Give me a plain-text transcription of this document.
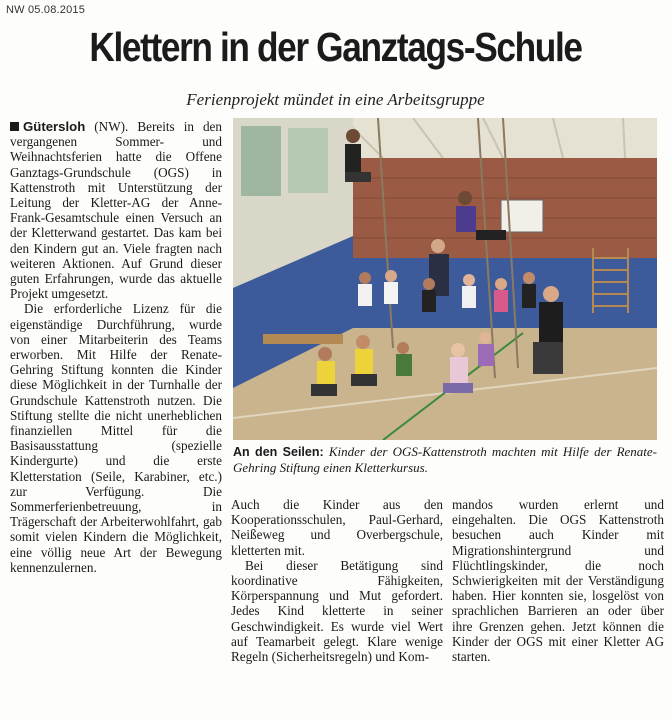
NW 05.08.2015
Klettern in der Ganztags-Schule
Ferienprojekt mündet in eine Arbeitsgruppe

Gütersloh (NW). Bereits in den vergangenen Sommer- und Weihnachtsferien hatte die Offene Ganztags-Grundschule (OGS) in Kattenstroth mit Unterstützung der Leitung der Kletter-AG der Anne-Frank-Gesamtschule einen Versuch an der Kletterwand gestartet. Das kam bei den Kindern gut an. Viele fragten nach weiteren Aktionen. Auf Grund dieser guten Erfahrungen, wurde das aktuelle Projekt umgesetzt.

Die erforderliche Lizenz für die eigenständige Durchführung, wurde von einer Mitarbeiterin des Teams erworben. Mit Hilfe der Renate-Gehring Stiftung konnten die Kinder diese Möglichkeit in der Turnhalle der Grundschule Kattenstroth nutzen. Die Stiftung stellte die nicht unerheblichen finanziellen Mittel für die Basisausstattung (spezielle Kindergurte) und die erste Kletterstation (Seile, Karabiner, etc.) zur Verfügung. Die Sommerferienbetreuung, in Trägerschaft der Arbeiterwohlfahrt, gab somit vielen Kindern die Möglichkeit, eine völlig neue Art der Bewegung kennenzulernen.

An den Seilen: Kinder der OGS-Kattenstroth machten mit Hilfe der Renate-Gehring Stiftung einen Kletterkursus.

Auch die Kinder aus den Kooperationsschulen, Paul-Gerhard, Neißeweg und Overbergschule, kletterten mit.

Bei dieser Betätigung sind koordinative Fähigkeiten, Körperspannung und Mut gefordert. Jedes Kind kletterte in seiner Geschwindigkeit. Es wurde viel Wert auf Teamarbeit gelegt. Klare wenige Regeln (Sicherheitsregeln) und Kom-

mandos wurden erlernt und eingehalten. Die OGS Kattenstroth besuchen auch Kinder mit Migrationshintergrund und Flüchtlingskinder, die noch Schwierigkeiten mit der Verständigung haben. Hier konnten sie, losgelöst von sprachlichen Barrieren an oder über ihre Grenzen gehen. Jetzt können die Kinder der OGS mit einer Kletter AG starten.
